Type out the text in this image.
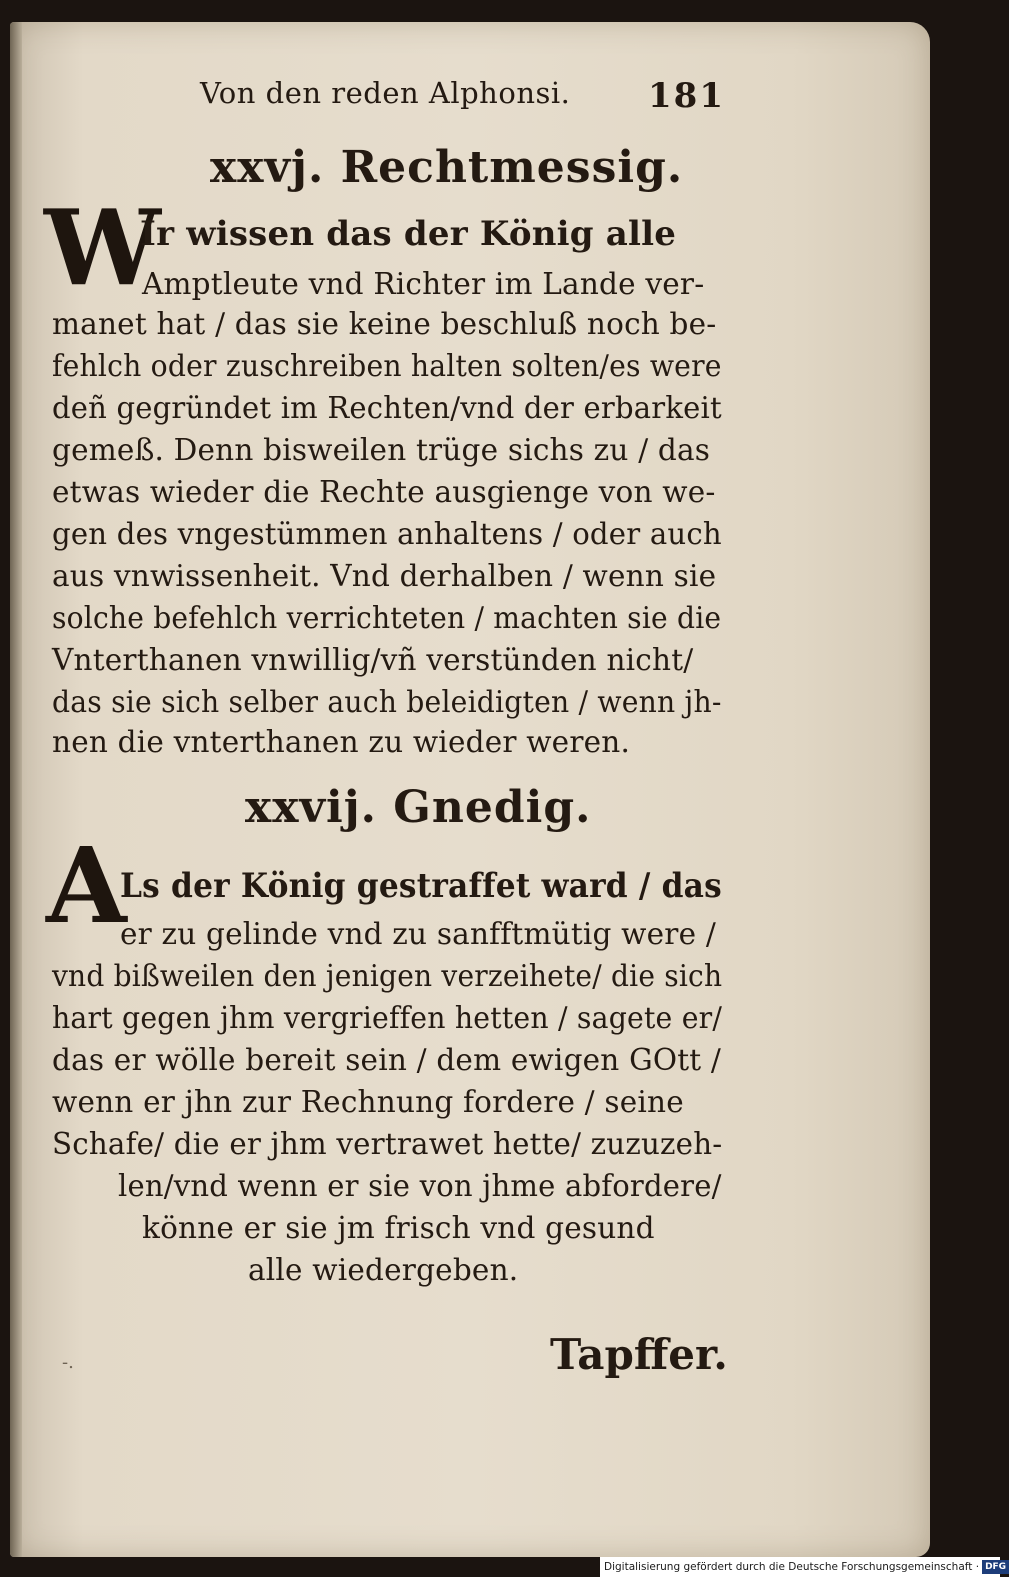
Von den reden Alphonsi. 181
xxvj. Rechtmessig.
W
Ir wissen das der König alle
Amptleute vnd Richter im Lande ver-
manet hat / das sie keine beschluß noch be-
fehlch oder zuschreiben halten solten/es were
deñ gegründet im Rechten/vnd der erbarkeit
gemeß. Denn bisweilen trüge sichs zu / das
etwas wieder die Rechte ausgienge von we-
gen des vngestümmen anhaltens / oder auch
aus vnwissenheit. Vnd derhalben / wenn sie
solche befehlch verrichteten / machten sie die
Vnterthanen vnwillig/vñ verstünden nicht/
das sie sich selber auch beleidigten / wenn jh-
nen die vnterthanen zu wieder weren.
xxvij. Gnedig.
A
Ls der König gestraffet ward / das
er zu gelinde vnd zu sanfftmütig were /
vnd bißweilen den jenigen verzeihete/ die sich
hart gegen jhm vergrieffen hetten / sagete er/
das er wölle bereit sein / dem ewigen GOtt /
wenn er jhn zur Rechnung fordere / seine
Schafe/ die er jhm vertrawet hette/ zuzuzeh-
len/vnd wenn er sie von jhme abfordere/
könne er sie jm frisch vnd gesund
alle wiedergeben.
-.	Tapffer.
Digitalisierung gefördert durch die Deutsche Forschungsgemeinschaft · DFG
